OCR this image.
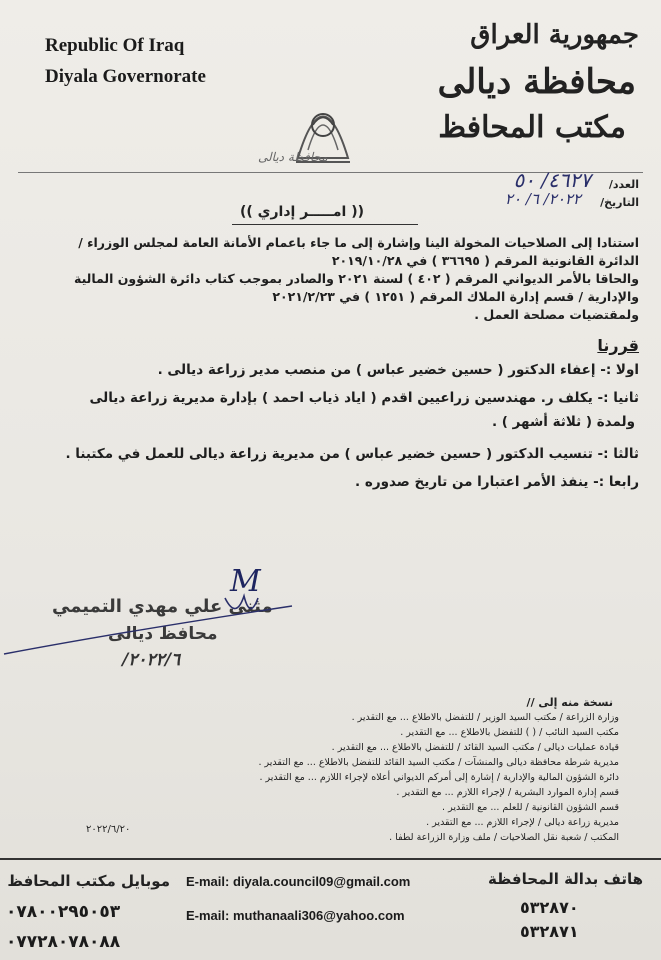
Republic Of Iraq
Diyala Governorate
جمهورية العراق
محافظة ديالى
مكتب المحافظ
محافظة ديالى
العدد/
٤٦٢٧/ ٥٠
التاريخ/
٢٠٢٢/ ٦/ ٢٠
(( امـــــر إداري ))
استنادا إلى الصلاحيات المخولة الينا وإشارة إلى ما جاء باعمام الأمانة العامة لمجلس الوزراء /
الدائرة القانونية المرقم ( ٣٦٦٩٥ ) في ٢٠١٩/١٠/٢٨
والحاقا بالأمر الديواني المرقم ( ٤٠٢ ) لسنة ٢٠٢١ والصادر بموجب كتاب دائرة الشؤون المالية
والإدارية / قسم إدارة الملاك المرقم ( ١٢٥١ ) في ٢٠٢١/٢/٢٣
ولمقتضيات مصلحة العمل .
قررنا
اولا :- إعفاء الدكتور ( حسين خضير عباس ) من منصب مدير زراعة ديالى .
ثانيا :- يكلف ر. مهندسين زراعيين اقدم ( اياد ذياب احمد ) بإدارة مديرية زراعة ديالى
ولمدة ( ثلاثة أشهر ) .
ثالثا :- تنسيب الدكتور ( حسين خضير عباس ) من مديرية زراعة ديالى للعمل في مكتبنا .
رابعا :- ينفذ الأمر اعتبارا من تاريخ صدوره .
M
مثنى علي مهدي التميمي
محافظ ديالى
٢٠٢٢/٦/
نسخة منه إلى //
وزارة الزراعة / مكتب السيد الوزير / للتفضل بالاطلاع ... مع التقدير .
مكتب السيد النائب / ( ) للتفضل بالاطلاع ... مع التقدير .
قيادة عمليات ديالى / مكتب السيد القائد / للتفضل بالاطلاع ... مع التقدير .
مديرية شرطة محافظة ديالى والمنشآت / مكتب السيد القائد للتفضل بالاطلاع ... مع التقدير .
دائرة الشؤون المالية والإدارية / إشارة إلى أمركم الديواني أعلاه لإجراء اللازم ... مع التقدير .
قسم إدارة الموارد البشرية / لإجراء اللازم ... مع التقدير .
قسم الشؤون القانونية / للعلم ... مع التقدير .
مديرية زراعة ديالى / لإجراء اللازم ... مع التقدير .
المكتب / شعبة نقل الصلاحيات / ملف وزارة الزراعة لطفا .
٢٠٢٢/٦/٢٠
موبايل مكتب المحافظ
٠٧٨٠٠٢٩٥٠٥٣
٠٧٧٢٨٠٧٨٠٨٨
E-mail: diyala.council09@gmail.com
E-mail: muthanaali306@yahoo.com
هاتف بدالة المحافظة
٥٣٢٨٧٠
٥٣٢٨٧١
